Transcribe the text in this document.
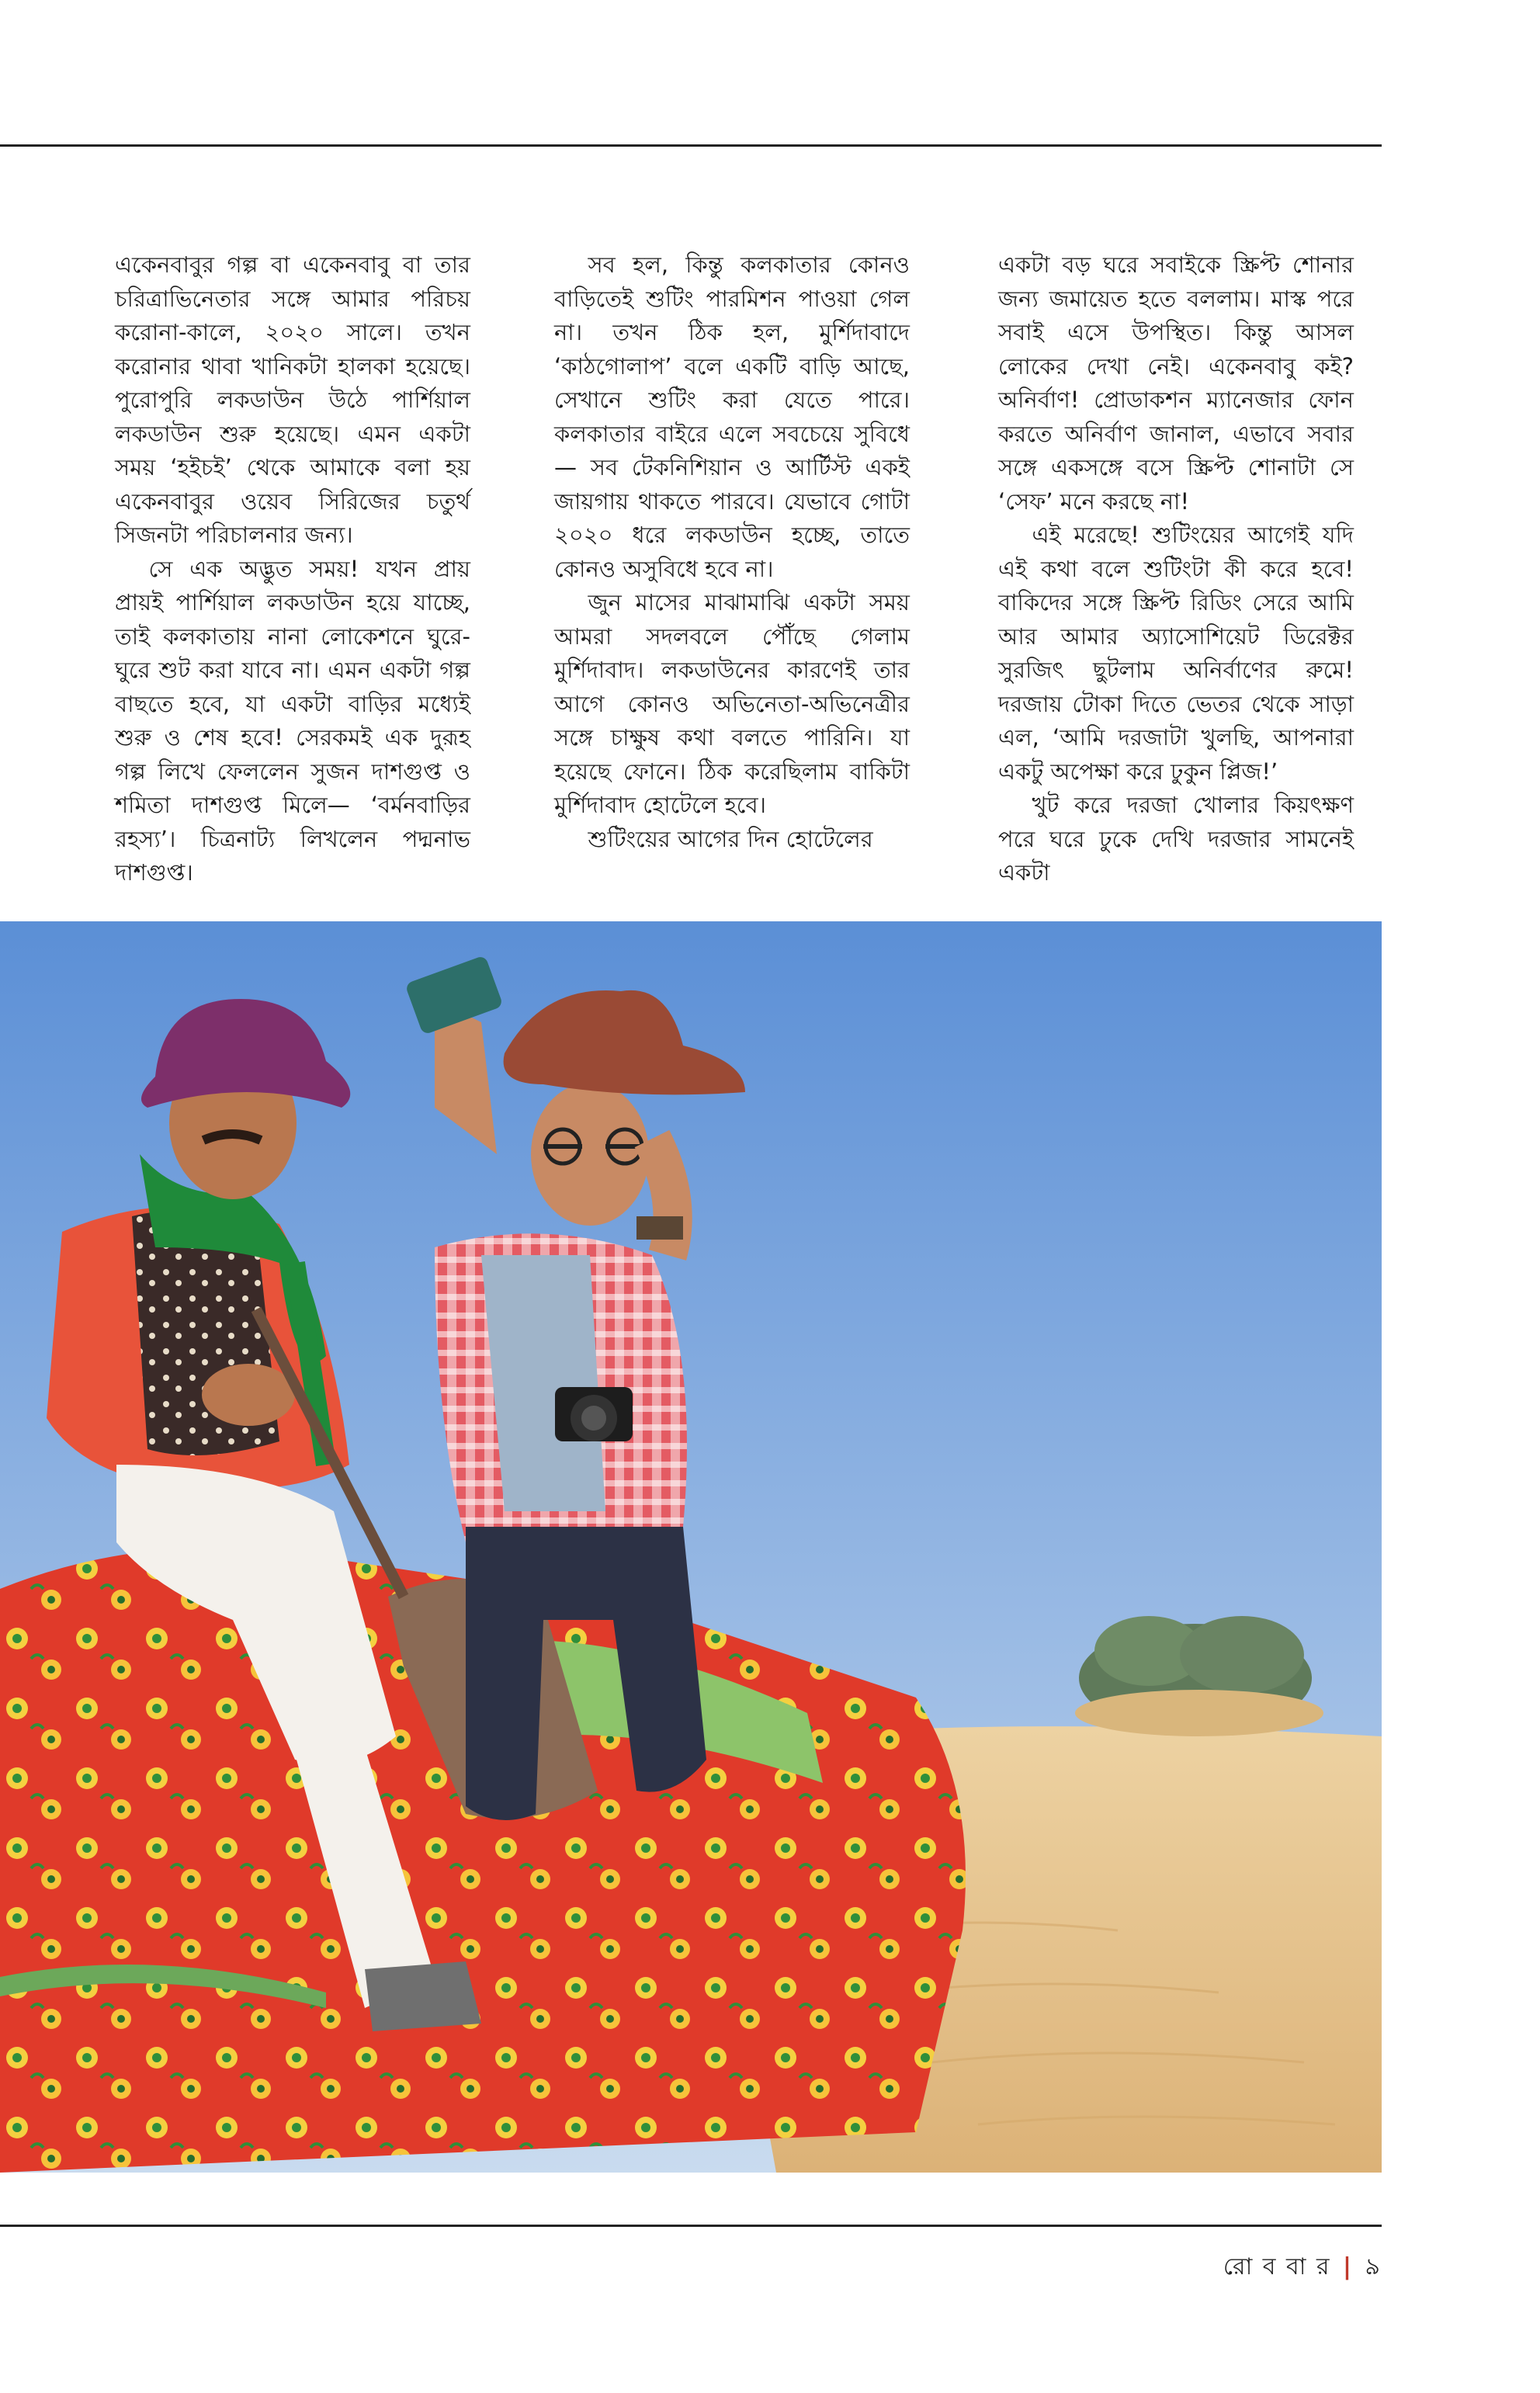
একেনবাবুর গল্প বা একেনবাবু বা তার চরিত্রাভিনেতার সঙ্গে আমার পরিচয় করোনা-কালে, ২০২০ সালে। তখন করোনার থাবা খানিকটা হালকা হয়েছে। পুরোপুরি লকডাউন উঠে পার্শিয়াল লকডাউন শুরু হয়েছে। এমন একটা সময় ‘হইচই’ থেকে আমাকে বলা হয় একেনবাবুর ওয়েব সিরিজের চতুর্থ সিজনটা পরিচালনার জন্য।

সে এক অদ্ভুত সময়! যখন প্রায় প্রায়ই পার্শিয়াল লকডাউন হয়ে যাচ্ছে, তাই কলকাতায় নানা লোকেশনে ঘুরে-ঘুরে শুট করা যাবে না। এমন একটা গল্প বাছতে হবে, যা একটা বাড়ির মধ্যেই শুরু ও শেষ হবে! সেরকমই এক দুরূহ গল্প লিখে ফেললেন সুজন দাশগুপ্ত ও শমিতা দাশগুপ্ত মিলে— ‘বর্মনবাড়ির রহস্য’। চিত্রনাট্য লিখলেন পদ্মনাভ দাশগুপ্ত।

সব হল, কিন্তু কলকাতার কোনও বাড়িতেই শুটিং পারমিশন পাওয়া গেল না। তখন ঠিক হল, মুর্শিদাবাদে ‘কাঠগোলাপ’ বলে একটি বাড়ি আছে, সেখানে শুটিং করা যেতে পারে। কলকাতার বাইরে এলে সবচেয়ে সুবিধে— সব টেকনিশিয়ান ও আর্টিস্ট একই জায়গায় থাকতে পারবে। যেভাবে গোটা ২০২০ ধরে লকডাউন হচ্ছে, তাতে কোনও অসুবিধে হবে না।

জুন মাসের মাঝামাঝি একটা সময় আমরা সদলবলে পৌঁছে গেলাম মুর্শিদাবাদ। লকডাউনের কারণেই তার আগে কোনও অভিনেতা-অভিনেত্রীর সঙ্গে চাক্ষুষ কথা বলতে পারিনি। যা হয়েছে ফোনে। ঠিক করেছিলাম বাকিটা মুর্শিদাবাদ হোটেলে হবে।

শুটিংয়ের আগের দিন হোটেলের

একটা বড় ঘরে সবাইকে স্ক্রিপ্ট শোনার জন্য জমায়েত হতে বললাম। মাস্ক পরে সবাই এসে উপস্থিত। কিন্তু আসল লোকের দেখা নেই। একেনবাবু কই? অনির্বাণ! প্রোডাকশন ম্যানেজার ফোন করতে অনির্বাণ জানাল, এভাবে সবার সঙ্গে একসঙ্গে বসে স্ক্রিপ্ট শোনাটা সে ‘সেফ’ মনে করছে না!

এই মরেছে! শুটিংয়ের আগেই যদি এই কথা বলে শুটিংটা কী করে হবে! বাকিদের সঙ্গে স্ক্রিপ্ট রিডিং সেরে আমি আর আমার অ্যাসোশিয়েট ডিরেক্টর সুরজিৎ ছুটলাম অনির্বাণের রুমে! দরজায় টোকা দিতে ভেতর থেকে সাড়া এল, ‘আমি দরজাটা খুলছি, আপনারা একটু অপেক্ষা করে ঢুকুন প্লিজ!’

খুট করে দরজা খোলার কিয়ৎক্ষণ পরে ঘরে ঢুকে দেখি দরজার সামনেই একটা

রো ব বা র | ৯
